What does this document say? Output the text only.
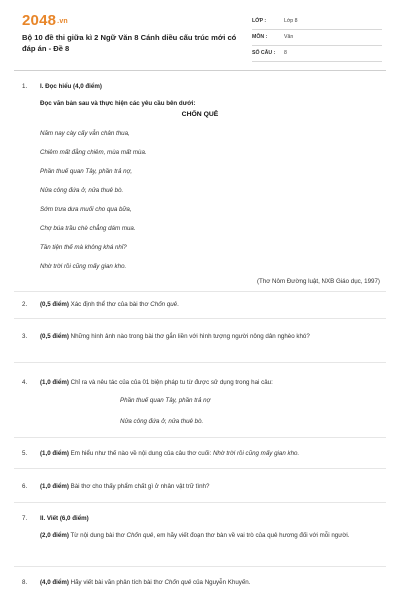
2048.vn
Bộ 10 đề thi giữa kì 2 Ngữ Văn 8 Cánh diều cấu trúc mới có đáp án - Đề 8
LỚP :	Lớp 8
MÔN :	Văn
SỐ CÂU : 8
1.	I. Đọc hiểu (4,0 điểm)
Đọc văn bản sau và thực hiện các yêu cầu bên dưới:
CHỐN QUÊ
Năm nay cày cấy vẫn chân thua,
Chiêm mất đằng chiêm, mùa mất mùa.
Phần thuế quan Tây, phần trả nợ,
Nửa công đứa ở, nửa thuê bò.
Sớm trưa dưa muối cho qua bữa,
Chợ búa trầu chè chẳng dám mua.
Tần tiện thế mà không khá nhỉ?
Nhờ trời rồi cũng mấy gian kho.
(Thơ Nôm Đường luật, NXB Giáo dục, 1997)
2.	(0,5 điểm) Xác định thể thơ của bài thơ Chốn quê.
3.	(0,5 điểm) Những hình ảnh nào trong bài thơ gắn liền với hình tượng người nông dân nghèo khó?
4.	(1,0 điểm) Chỉ ra và nêu tác của của 01 biện pháp tu từ được sử dụng trong hai câu:
Phần thuế quan Tây, phần trả nợ
Nửa công đứa ở, nửa thuê bò.
5.	(1,0 điểm) Em hiểu như thế nào về nội dung của câu thơ cuối: Nhờ trời rồi cũng mấy gian kho.
6.	(1,0 điểm) Bài thơ cho thấy phẩm chất gì ở nhân vật trữ tình?
7.	II. Viết (6,0 điểm)
(2,0 điểm) Từ nội dung bài thơ Chốn quê, em hãy viết đoạn thơ bàn về vai trò của quê hương đối với mỗi người.
8.	(4,0 điểm) Hãy viết bài văn phân tích bài thơ Chốn quê của Nguyễn Khuyến.
